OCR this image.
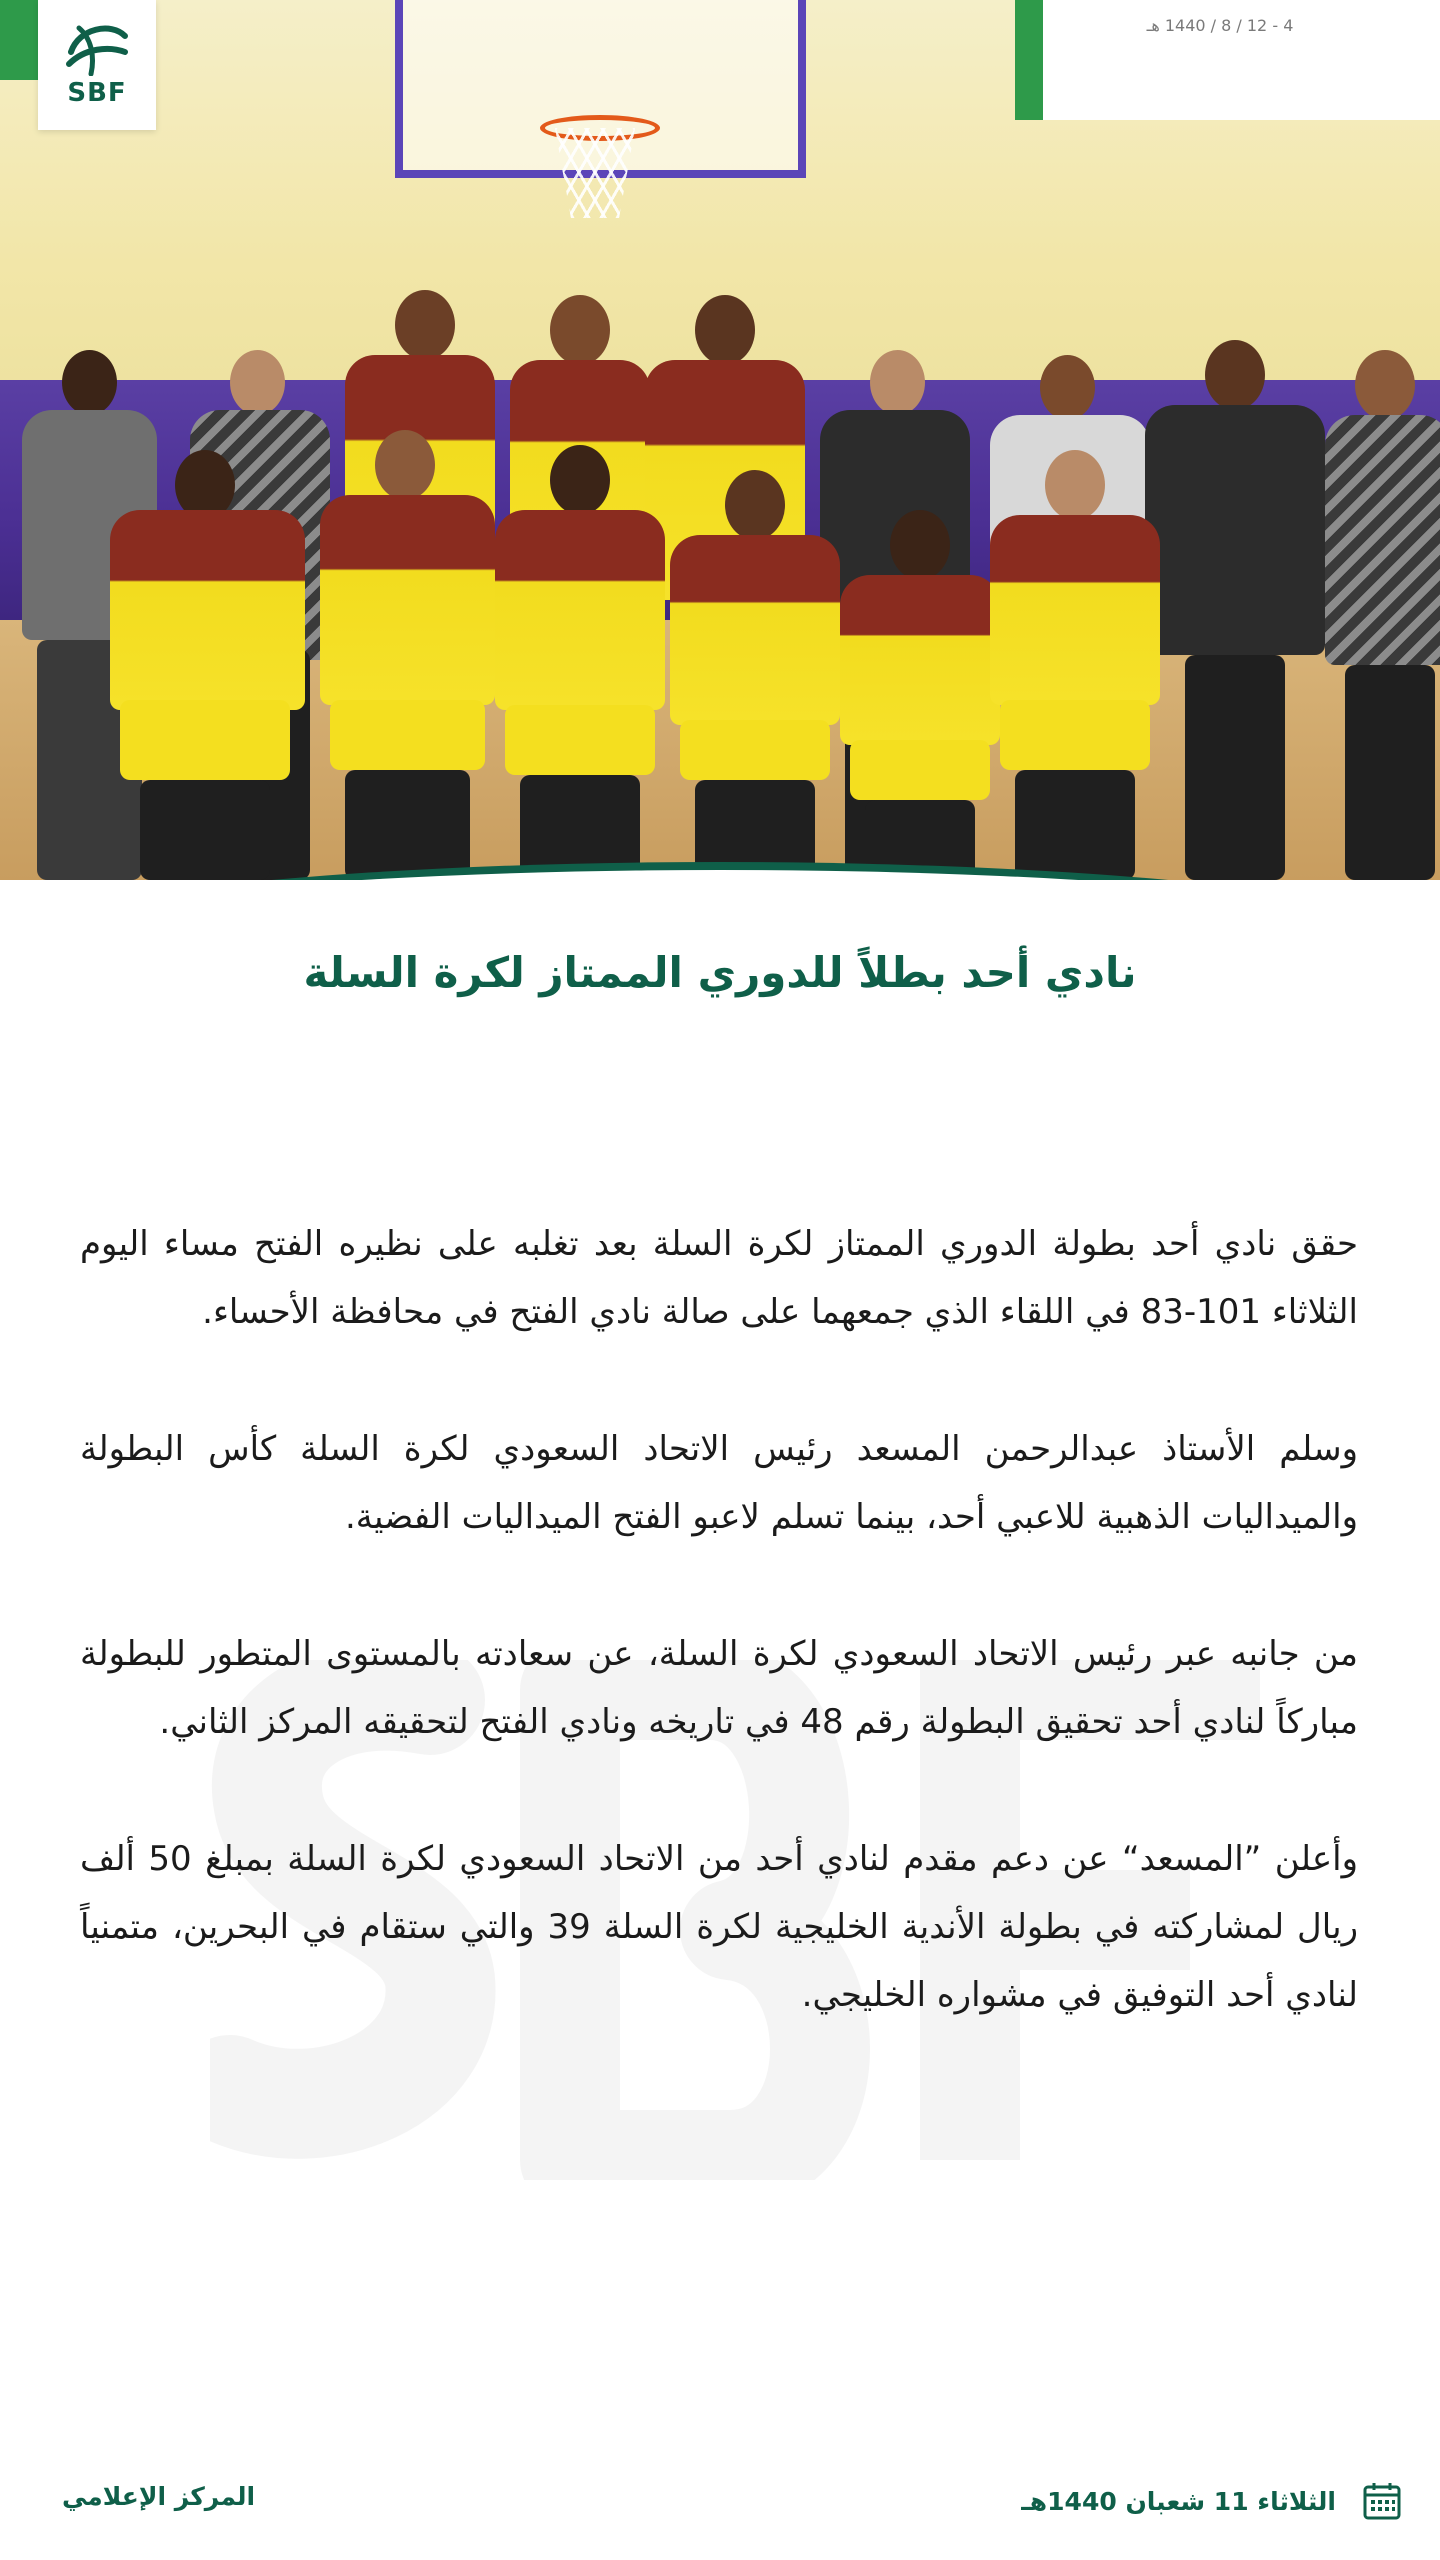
4 - 12 / 8 / 1440 هـ
SBF
نادي أحد بطلاً للدوري الممتاز لكرة السلة

حقق نادي أحد بطولة الدوري الممتاز لكرة السلة بعد تغلبه على نظيره الفتح مساء اليوم الثلاثاء 101-83 في اللقاء الذي جمعهما على صالة نادي الفتح في محافظة الأحساء.

وسلم الأستاذ عبدالرحمن المسعد رئيس الاتحاد السعودي لكرة السلة كأس البطولة والميداليات الذهبية للاعبي أحد، بينما تسلم لاعبو الفتح الميداليات الفضية.

من جانبه عبر رئيس الاتحاد السعودي لكرة السلة، عن سعادته بالمستوى المتطور للبطولة مباركاً لنادي أحد تحقيق البطولة رقم 48 في تاريخه ونادي الفتح لتحقيقه المركز الثاني.

وأعلن ”المسعد“ عن دعم مقدم لنادي أحد من الاتحاد السعودي لكرة السلة بمبلغ 50 ألف ريال لمشاركته في بطولة الأندية الخليجية لكرة السلة 39 والتي ستقام في البحرين، متمنياً لنادي أحد التوفيق في مشواره الخليجي.

الثلاثاء 11 شعبان 1440هـ
المركز الإعلامي
